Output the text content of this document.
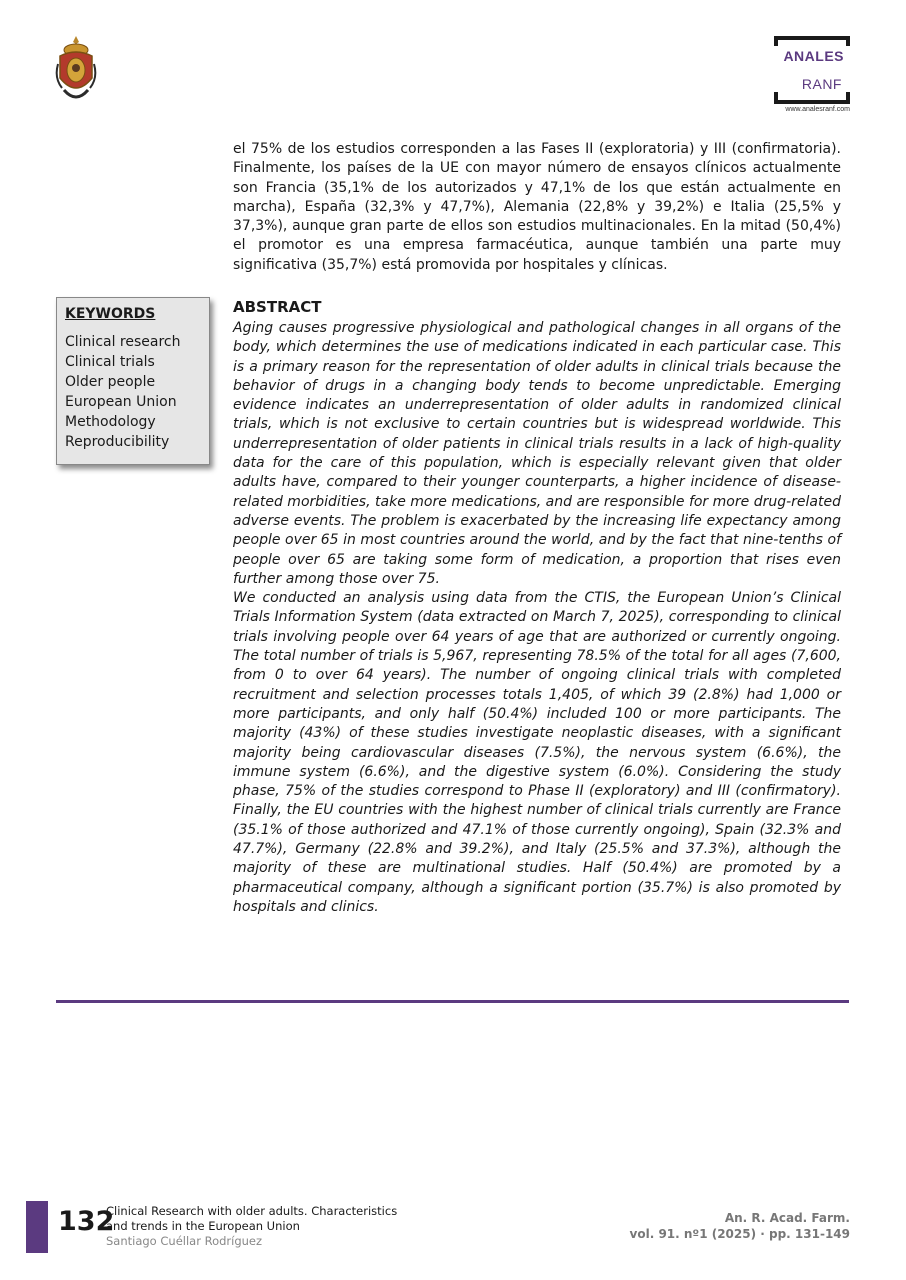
ANALES
RANF
www.analesranf.com
el 75% de los estudios corresponden a las Fases II (exploratoria) y III (confirmatoria). Finalmente, los países de la UE con mayor número de ensayos clínicos actualmente son Francia (35,1% de los autorizados y 47,1% de los que están actualmente en marcha), España (32,3% y 47,7%), Alemania (22,8% y 39,2%) e Italia (25,5% y 37,3%), aunque gran parte de ellos son estudios multinacionales. En la mitad (50,4%) el promotor es una empresa farmacéutica, aunque también una parte muy significativa (35,7%) está promovida por hospitales y clínicas.
KEYWORDS
Clinical research
Clinical trials
Older people
European Union
Methodology
Reproducibility
ABSTRACT

Aging causes progressive physiological and pathological changes in all organs of the body, which determines the use of medications indicated in each particular case. This is a primary reason for the representation of older adults in clinical trials because the behavior of drugs in a changing body tends to become unpredictable. Emerging evidence indicates an underrepresentation of older adults in randomized clinical trials, which is not exclusive to certain countries but is widespread worldwide. This underrepresentation of older patients in clinical trials results in a lack of high-quality data for the care of this population, which is especially relevant given that older adults have, compared to their younger counterparts, a higher incidence of disease-related morbidities, take more medications, and are responsible for more drug-related adverse events. The problem is exacerbated by the increasing life expectancy among people over 65 in most countries around the world, and by the fact that nine-tenths of people over 65 are taking some form of medication, a proportion that rises even further among those over 75.

We conducted an analysis using data from the CTIS, the European Union’s Clinical Trials Information System (data extracted on March 7, 2025), corresponding to clinical trials involving people over 64 years of age that are authorized or currently ongoing. The total number of trials is 5,967, representing 78.5% of the total for all ages (7,600, from 0 to over 64 years). The number of ongoing clinical trials with completed recruitment and selection processes totals 1,405, of which 39 (2.8%) had 1,000 or more participants, and only half (50.4%) included 100 or more participants. The majority (43%) of these studies investigate neoplastic diseases, with a significant majority being cardiovascular diseases (7.5%), the nervous system (6.6%), the immune system (6.6%), and the digestive system (6.0%). Considering the study phase, 75% of the studies correspond to Phase II (exploratory) and III (confirmatory). Finally, the EU countries with the highest number of clinical trials currently are France (35.1% of those authorized and 47.1% of those currently ongoing), Spain (32.3% and 47.7%), Germany (22.8% and 39.2%), and Italy (25.5% and 37.3%), although the majority of these are multinational studies. Half (50.4%) are promoted by a pharmaceutical company, although a significant portion (35.7%) is also promoted by hospitals and clinics.

132
Clinical Research with older adults. Characteristics
and trends in the European Union
Santiago Cuéllar Rodríguez
An. R. Acad. Farm.
vol. 91. nº1 (2025) · pp. 131-149
